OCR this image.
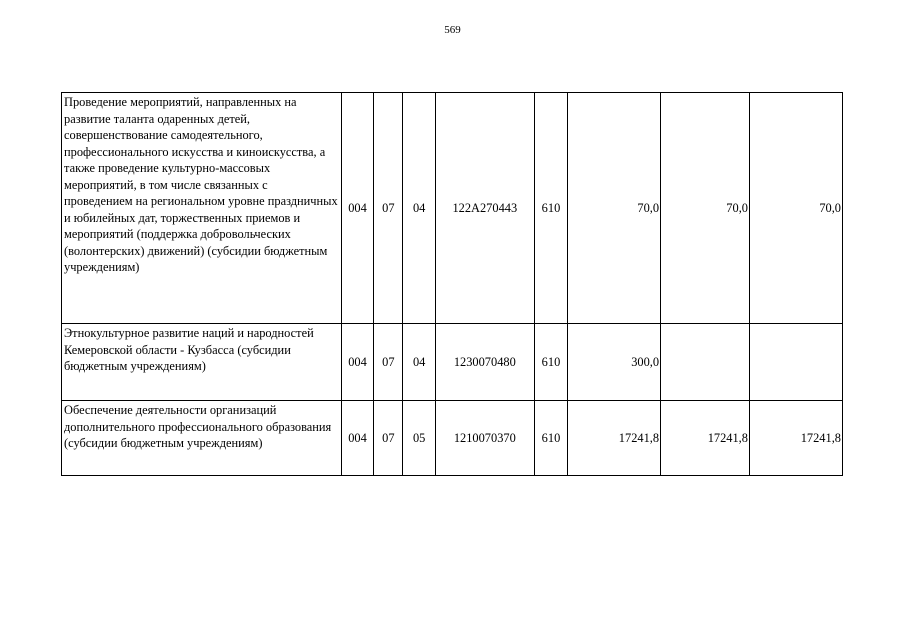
569
Проведение мероприятий, направленных на развитие таланта одаренных детей, совершенствование самодеятельного, профессионального искусства и киноискусства, а также проведение культурно-массовых мероприятий, в том числе связанных с проведением на региональном уровне праздничных и юбилейных дат, торжественных приемов и мероприятий (поддержка добровольческих (волонтерских) движений) (субсидии бюджетным учреждениям)	004	07	04	122A270443	610	70,0	70,0	70,0
Этнокультурное развитие наций и народностей Кемеровской области - Кузбасса (субсидии бюджетным учреждениям)	004	07	04	1230070480	610	300,0		
Обеспечение деятельности организаций дополнительного профессионального образования (субсидии бюджетным учреждениям)	004	07	05	1210070370	610	17241,8	17241,8	17241,8
